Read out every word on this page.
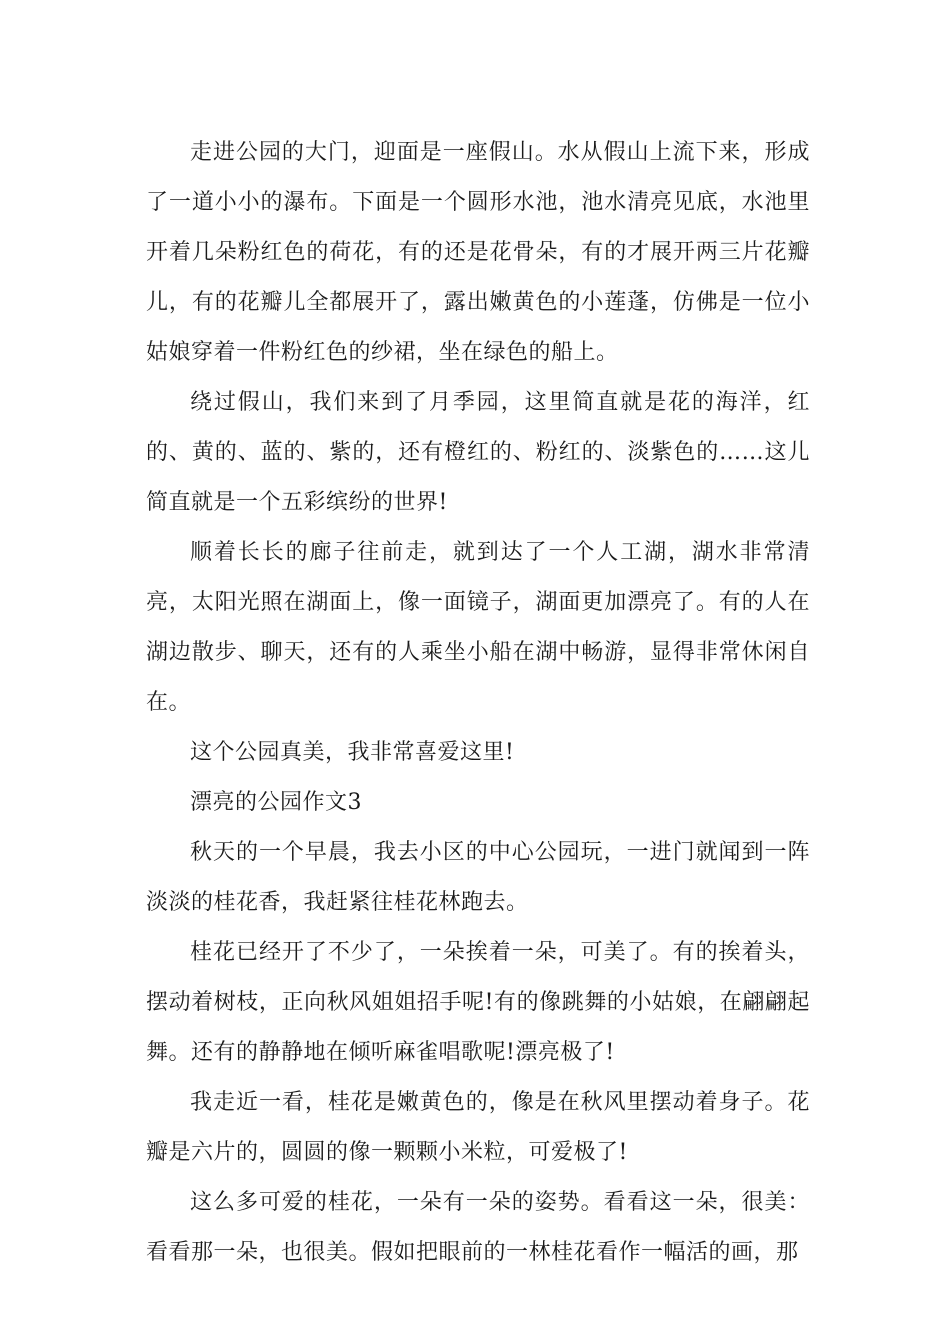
走进公园的大门，迎面是一座假山。水从假山上流下来，形成了一道小小的瀑布。下面是一个圆形水池，池水清亮见底，水池里开着几朵粉红色的荷花，有的还是花骨朵，有的才展开两三片花瓣儿，有的花瓣儿全都展开了，露出嫩黄色的小莲蓬，仿佛是一位小姑娘穿着一件粉红色的纱裙，坐在绿色的船上。

绕过假山，我们来到了月季园，这里简直就是花的海洋，红的、黄的、蓝的、紫的，还有橙红的、粉红的、淡紫色的……这儿简直就是一个五彩缤纷的世界!

顺着长长的廊子往前走，就到达了一个人工湖，湖水非常清亮，太阳光照在湖面上，像一面镜子，湖面更加漂亮了。有的人在湖边散步、聊天，还有的人乘坐小船在湖中畅游，显得非常休闲自在。

这个公园真美，我非常喜爱这里!

漂亮的公园作文3

秋天的一个早晨，我去小区的中心公园玩，一进门就闻到一阵淡淡的桂花香，我赶紧往桂花林跑去。

桂花已经开了不少了，一朵挨着一朵，可美了。有的挨着头，摆动着树枝，正向秋风姐姐招手呢!有的像跳舞的小姑娘，在翩翩起舞。还有的静静地在倾听麻雀唱歌呢!漂亮极了!

我走近一看，桂花是嫩黄色的，像是在秋风里摆动着身子。花瓣是六片的，圆圆的像一颗颗小米粒，可爱极了!

这么多可爱的桂花，一朵有一朵的姿势。看看这一朵，很美：看看那一朵，也很美。假如把眼前的一林桂花看作一幅活的画，那
